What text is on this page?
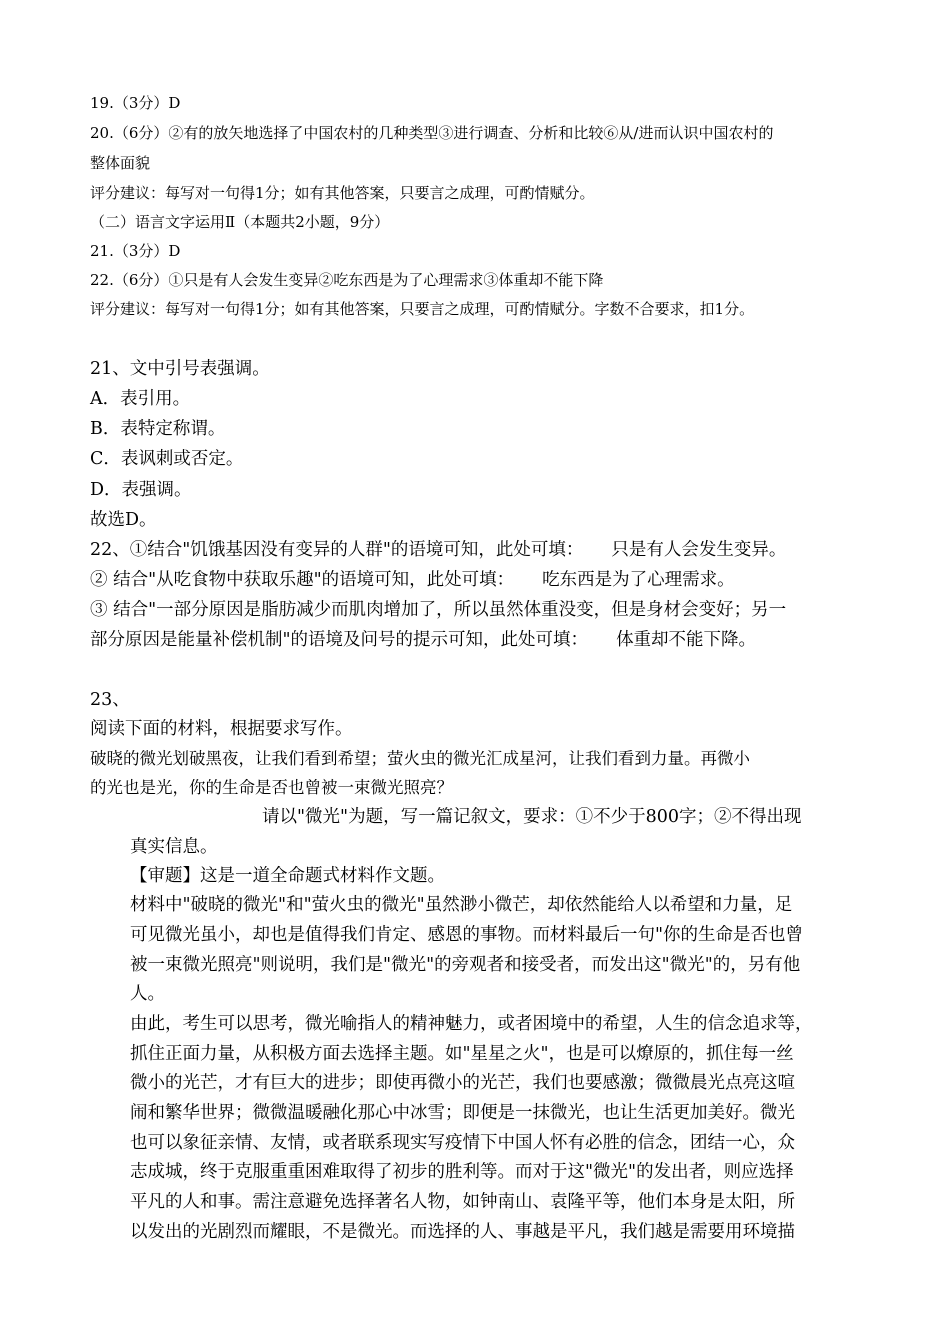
19.（3分）D
20.（6分）②有的放矢地选择了中国农村的几种类型③进行调查、分析和比较⑥从/进而认识中国农村的
整体面貌
评分建议：每写对一句得1分；如有其他答案，只要言之成理，可酌情赋分。
（二）语言文字运用Ⅱ（本题共2小题，9分）
21.（3分）D
22.（6分）①只是有人会发生变异②吃东西是为了心理需求③体重却不能下降
评分建议：每写对一句得1分；如有其他答案，只要言之成理，可酌情赋分。字数不合要求，扣1分。
21、文中引号表强调。
A．表引用。
B．表特定称谓。
C．表讽刺或否定。
D．表强调。
故选D。
22、①结合"饥饿基因没有变异的人群"的语境可知，此处可填： 只是有人会发生变异。
② 结合"从吃食物中获取乐趣"的语境可知，此处可填： 吃东西是为了心理需求。
③ 结合"一部分原因是脂肪减少而肌肉增加了，所以虽然体重没变，但是身材会变好；另一
部分原因是能量补偿机制"的语境及问号的提示可知，此处可填： 体重却不能下降。
23、
阅读下面的材料，根据要求写作。
破晓的微光划破黑夜，让我们看到希望；萤火虫的微光汇成星河，让我们看到力量。再微小
的光也是光，你的生命是否也曾被一束微光照亮？
请以"微光"为题，写一篇记叙文，要求：①不少于800字；②不得出现
真实信息。
【审题】这是一道全命题式材料作文题。
材料中"破晓的微光"和"萤火虫的微光"虽然渺小微芒，却依然能给人以希望和力量，足
可见微光虽小，却也是值得我们肯定、感恩的事物。而材料最后一句"你的生命是否也曾
被一束微光照亮"则说明，我们是"微光"的旁观者和接受者，而发出这"微光"的，另有他
人。
由此，考生可以思考，微光喻指人的精神魅力，或者困境中的希望，人生的信念追求等，
抓住正面力量，从积极方面去选择主题。如"星星之火"，也是可以燎原的，抓住每一丝
微小的光芒，才有巨大的进步；即使再微小的光芒，我们也要感激；微微晨光点亮这喧
闹和繁华世界；微微温暖融化那心中冰雪；即便是一抹微光，也让生活更加美好。微光
也可以象征亲情、友情，或者联系现实写疫情下中国人怀有必胜的信念，团结一心，众
志成城，终于克服重重困难取得了初步的胜利等。而对于这"微光"的发出者，则应选择
平凡的人和事。需注意避免选择著名人物，如钟南山、袁隆平等，他们本身是太阳，所
以发出的光剧烈而耀眼，不是微光。而选择的人、事越是平凡，我们越是需要用环境描
